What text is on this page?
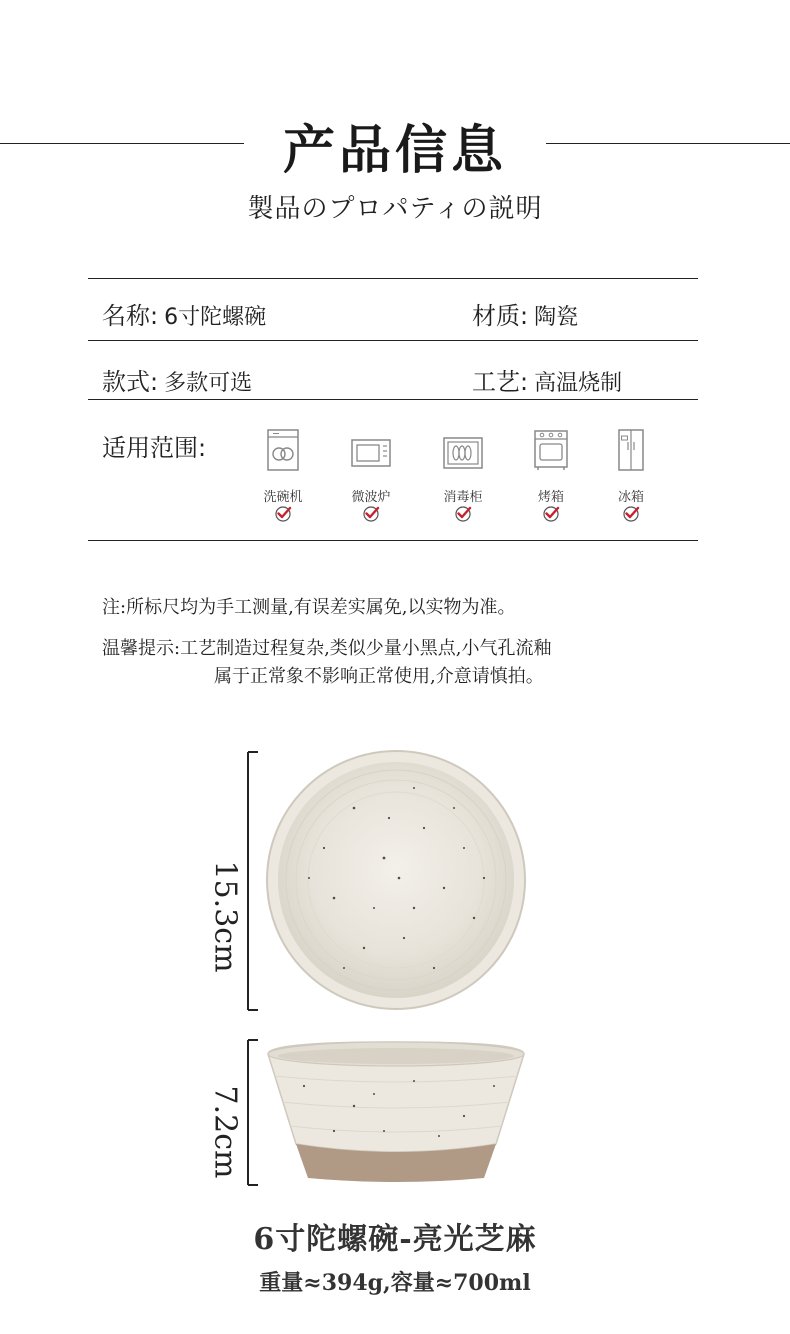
产品信息
製品のプロパティの説明
名称: 6寸陀螺碗	材质: 陶瓷
款式: 多款可选	工艺: 高温烧制
适用范围:
洗碗机	微波炉	消毒柜	烤箱	冰箱
注:所标尺均为手工测量,有误差实属免,以实物为准。
温馨提示:工艺制造过程复杂,类似少量小黑点,小气孔流釉
属于正常象不影响正常使用,介意请慎拍。
15.3cm
7.2cm
6寸陀螺碗-亮光芝麻
重量≈394g,容量≈700ml
